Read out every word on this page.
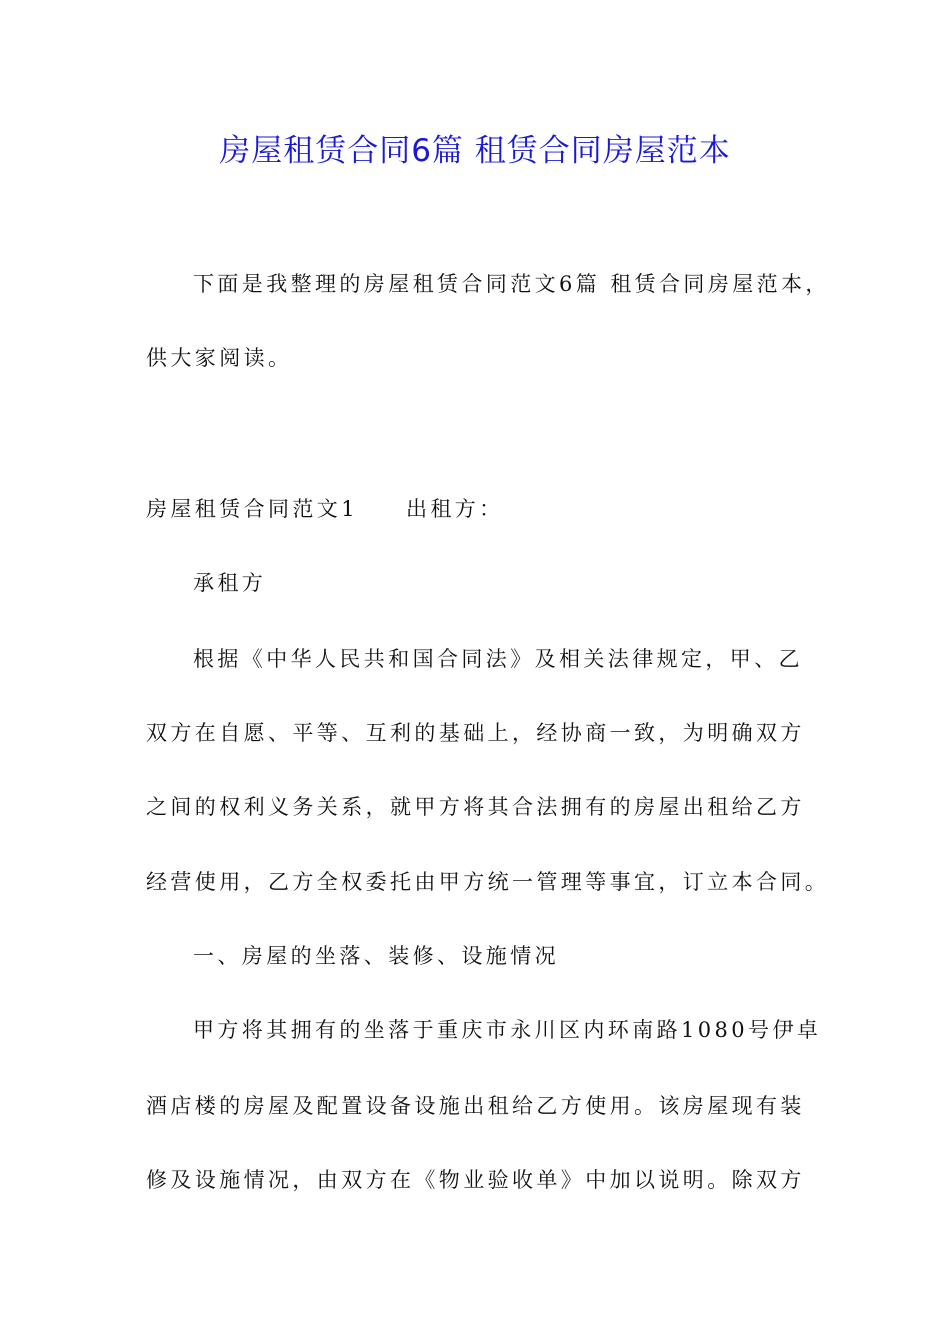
房屋租赁合同6篇 租赁合同房屋范本
下面是我整理的房屋租赁合同范文6篇 租赁合同房屋范本，
供大家阅读。
房屋租赁合同范文1 出租方：
承租方
根据《中华人民共和国合同法》及相关法律规定，甲、乙
双方在自愿、平等、互利的基础上，经协商一致，为明确双方
之间的权利义务关系，就甲方将其合法拥有的房屋出租给乙方
经营使用，乙方全权委托由甲方统一管理等事宜，订立本合同。
一、房屋的坐落、装修、设施情况
甲方将其拥有的坐落于重庆市永川区内环南路1080号伊卓
酒店楼的房屋及配置设备设施出租给乙方使用。该房屋现有装
修及设施情况，由双方在《物业验收单》中加以说明。除双方
